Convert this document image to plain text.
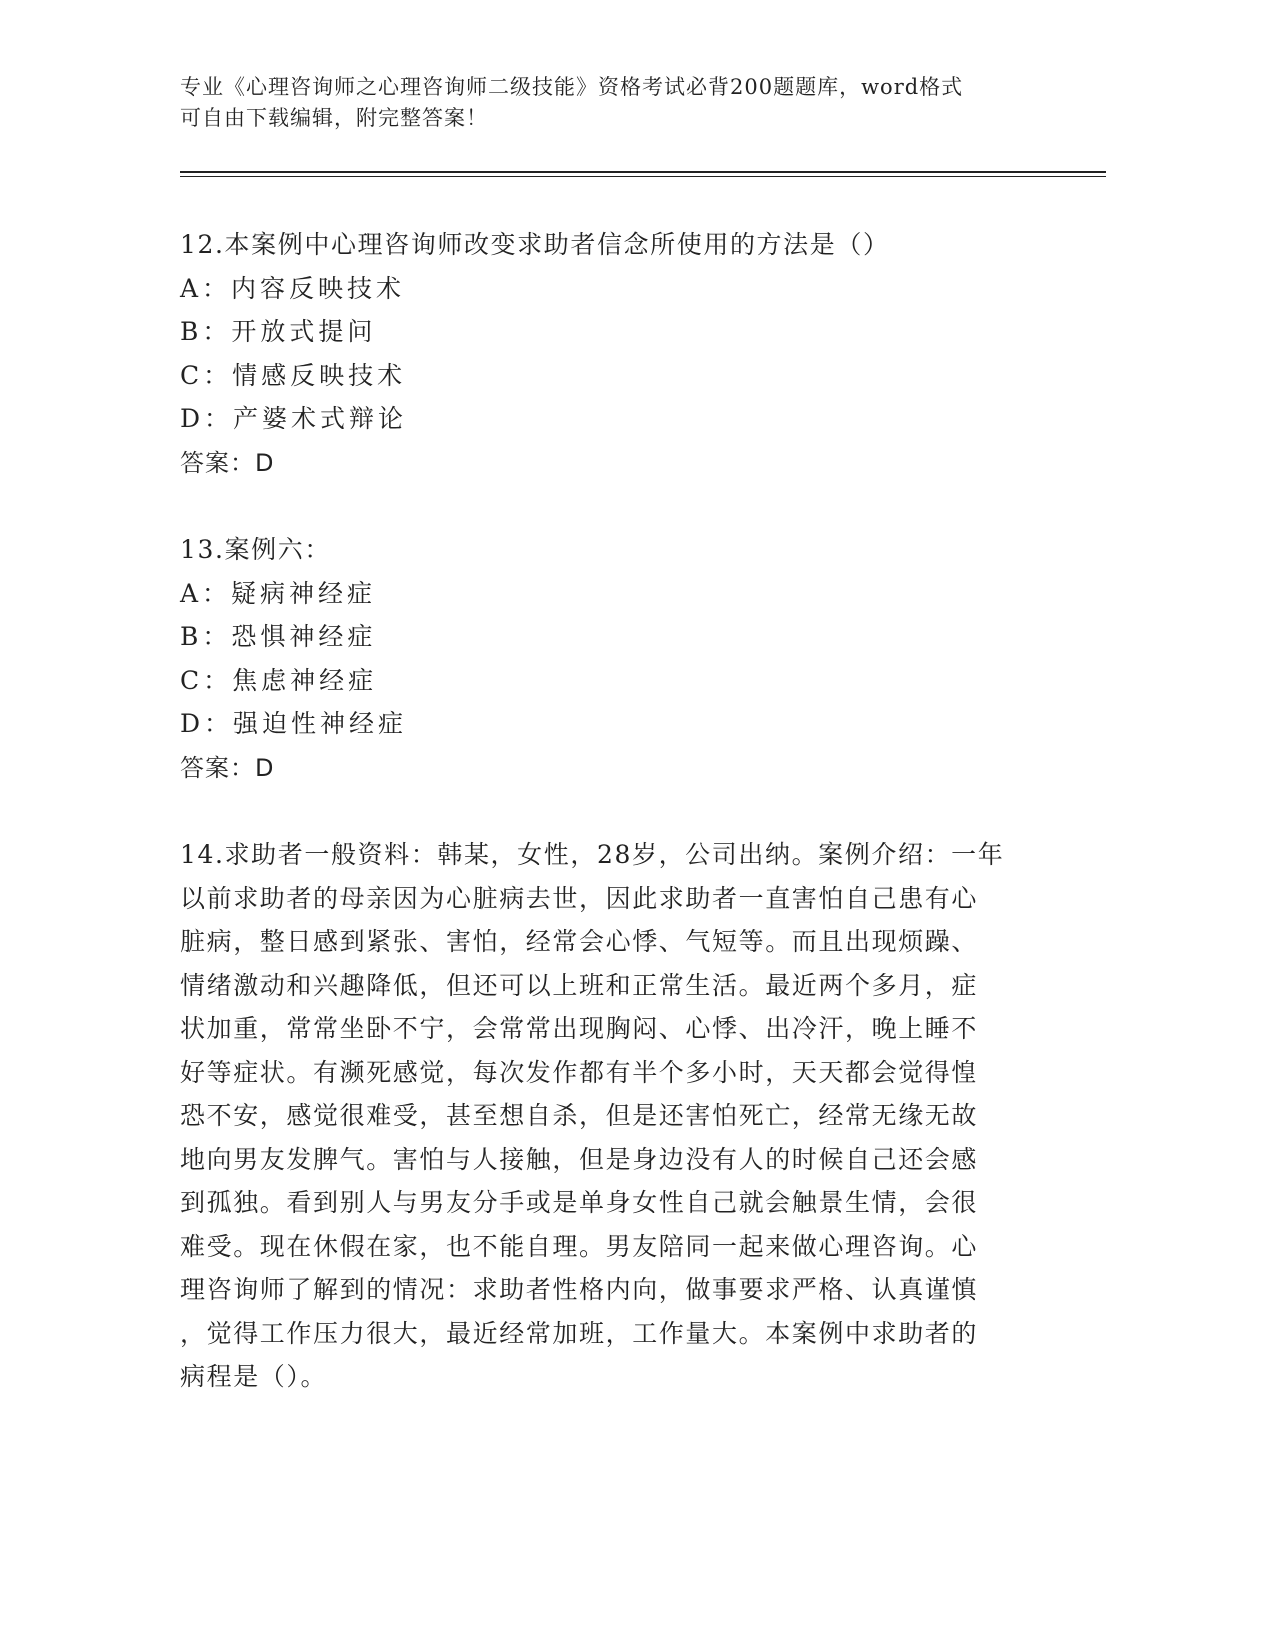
专业《心理咨询师之心理咨询师二级技能》资格考试必背200题题库，word格式
可自由下载编辑，附完整答案！
12.本案例中心理咨询师改变求助者信念所使用的方法是（）
A：内容反映技术
B：开放式提问
C：情感反映技术
D：产婆术式辩论
答案：D
13.案例六：
A：疑病神经症
B：恐惧神经症
C：焦虑神经症
D：强迫性神经症
答案：D
14.求助者一般资料：韩某，女性，28岁，公司出纳。案例介绍：一年
以前求助者的母亲因为心脏病去世，因此求助者一直害怕自己患有心
脏病，整日感到紧张、害怕，经常会心悸、气短等。而且出现烦躁、
情绪激动和兴趣降低，但还可以上班和正常生活。最近两个多月，症
状加重，常常坐卧不宁，会常常出现胸闷、心悸、出冷汗，晚上睡不
好等症状。有濒死感觉，每次发作都有半个多小时，天天都会觉得惶
恐不安，感觉很难受，甚至想自杀，但是还害怕死亡，经常无缘无故
地向男友发脾气。害怕与人接触，但是身边没有人的时候自己还会感
到孤独。看到别人与男友分手或是单身女性自己就会触景生情，会很
难受。现在休假在家，也不能自理。男友陪同一起来做心理咨询。心
理咨询师了解到的情况：求助者性格内向，做事要求严格、认真谨慎
，觉得工作压力很大，最近经常加班，工作量大。本案例中求助者的
病程是（）。
